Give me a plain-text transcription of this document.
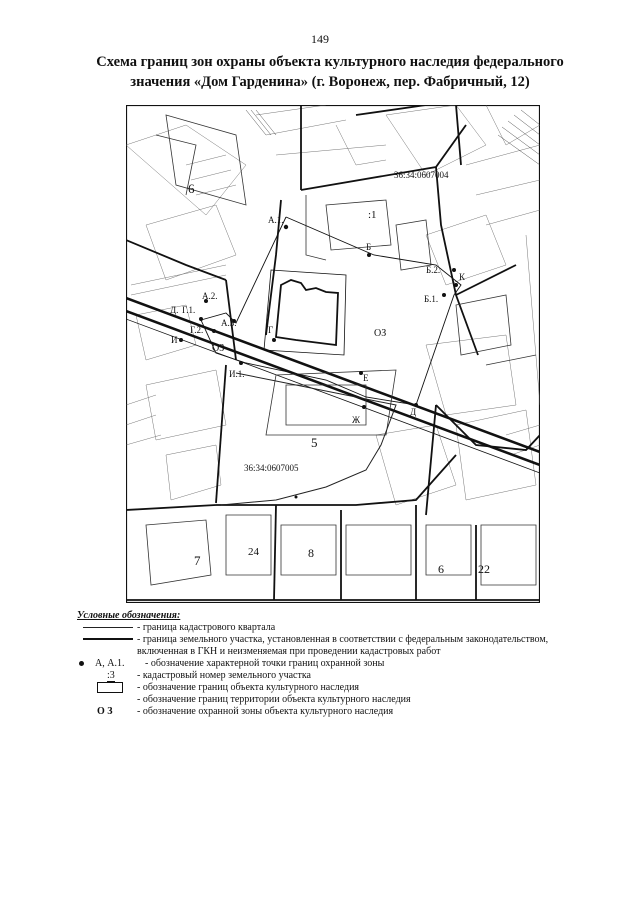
149
Схема границ зон охраны объекта культурного наследия федерального
значения «Дом Гарденина» (г. Воронеж, пер. Фабричный, 12)
36:34:0607004
36:34:0607005
ОЗ
ОЗ
А.1.
Б
Б.2.
К
Б.1.
А.2.
Д. Г.1.
А.3.
Г.2.	Г
И
И.1.	Е
Ж
Д
6
:1
5
7
24	8
6	22
Условные обозначения:
- граница кадастрового квартала
- граница земельного участка, установленная в соответствии с федеральным законодательством, включенная в ГКН и неизменяемая при проведении кадастровых работ
А, А.1. - обозначение характерной точки границ охранной зоны
:3 - кадастровый номер земельного участка
- обозначение границ объекта культурного наследия
- обозначение границ территории объекта культурного наследия
О З - обозначение охранной зоны объекта культурного наследия
